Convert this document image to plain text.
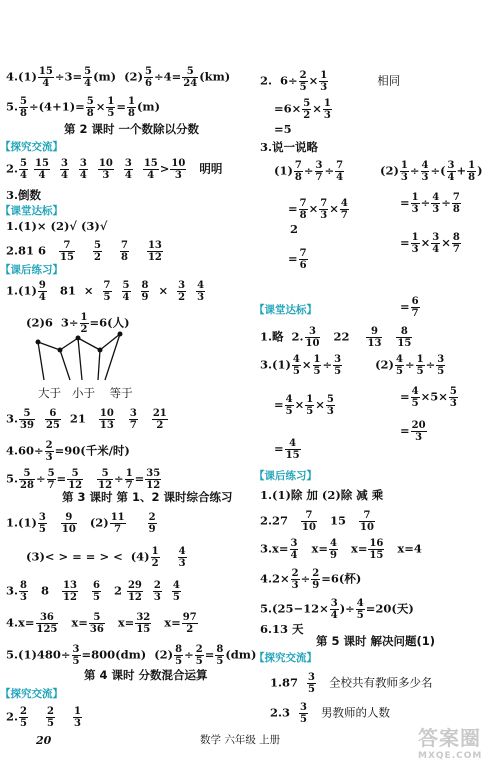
$4.(1) \frac{15}{4} \div 3= \frac{5}{4} (m)$  $(2) \frac{5}{6} \div 4= \frac{5}{24} (km)$
5. $\frac{5}{8} \div(4+1)= \frac{5}{8} \times \frac{1}{5} = \frac{1}{8} (m)$
第 2 课时 一个数除以分数
【 探究交流 】
2. $\frac{5}{4}$
$\frac{15}{4}$
$\frac{3}{4}$
$\frac{3}{4}$
$\frac{10}{3}$
$\frac{3}{4}$
$\frac{15}{4} > \frac{10}{3}$ 明明
3.倒数
【 课堂达标 】
1.(1)× (2)√ (3)√
2.81 $6 \frac{7}{15}$
$\frac{5}{2}$
$\frac{7}{8}$
$\frac{13}{12}$
【 课后练习 】
$1.(1) \frac{9}{4} 81 \times \frac{7}{5}$
$\frac{5}{4}$
$\frac{8}{9} \times \frac{3}{2}$
$\frac{4}{3}$
(2)6  $3\div \frac{1}{2} =6$(人)
大于 小于 等于
3. $\frac{5}{39}$
$\frac{6}{25} 21 \frac{10}{13}$
$\frac{3}{7}$
$\frac{21}{2}$
$4.60\div \frac{2}{3} =90$(千米/时)
5. $\frac{5}{28} \div \frac{5}{7} = \frac{5}{12}$
$\frac{5}{12} \div \frac{1}{7} = \frac{35}{12}$
第 3 课时 第 1、2 课时综合练习
$1.(1) \frac{3}{5}$
$\frac{9}{10} (2) \frac{11}{7}$
$\frac{2}{9}$
(3)< > = = > < $(4) \frac{1}{2}$
$\frac{4}{3}$
3. $\frac{8}{3} 8 \frac{13}{12}$
$\frac{6}{5} 2 \frac{29}{12}$
$\frac{2}{3}$
$\frac{4}{5}$
$4.x= \frac{36}{125} x= \frac{5}{36} x= \frac{32}{15} x= \frac{97}{2}$
$5.(1)480\div \frac{3}{5} =800(dm)$  $(2) \frac{8}{5} \div \frac{2}{5} = \frac{8}{5} (dm)$
第 4 课时 分数混合运算
【 探究交流 】
2. $\frac{2}{5}$
$\frac{2}{5}$
$\frac{1}{3}$
2.  $6\div \frac{2}{5} \times \frac{1}{3}$	相同
$=6\times \frac{5}{2} \times \frac{1}{3}$
=5
3.说一说略
$(1) \frac{7}{8} \div \frac{3}{7} \div \frac{7}{4}$	$(2) \frac{1}{3} \div \frac{4}{3}$ ÷( $\frac{3}{4} + \frac{1}{8}$ )
= $\frac{7}{8} \times \frac{7}{3} \times \frac{4}{7}$	= $\frac{1}{3} \div \frac{4}{3} \div \frac{7}{8}$
2
= $\frac{1}{3} \times \frac{3}{4} \times \frac{8}{7}$
= $\frac{7}{6}$
= $\frac{6}{7}$
【 课堂达标 】
1.略  2. $\frac{3}{10} 22 \frac{9}{13}$
$\frac{8}{15}$
$3.(1) \frac{4}{5} \times \frac{1}{5} \div \frac{3}{5} (2) \frac{4}{5} \div \frac{1}{5} \div \frac{3}{5}$
= $\frac{4}{5} \times \frac{1}{5} \times \frac{5}{3}$	= $\frac{4}{5} \times 5\times \frac{5}{3}$
= $\frac{20}{3}$
= $\frac{4}{15}$
【 课后练习 】
1.(1)除 加 (2)除 减 乘
$2.27 \frac{7}{10} 15 \frac{7}{10}$
$3.x= \frac{3}{4} x= \frac{4}{9} x= \frac{16}{15} x=4$
$4.2\times \frac{2}{3} \div \frac{2}{9} =6$(杯)
$5.(25-12\times \frac{3}{4}$ )÷ $\frac{4}{5} =20$(天)
6.13 天
第 5 课时 解决问题(1)
【 探究交流 】
$1.87 \frac{3}{5}$ 全校共有教师多少名
$2.3 \frac{3}{5}$ 男教师的人数
20	数学 六年级 上册	答案圈
MXQE.COM
